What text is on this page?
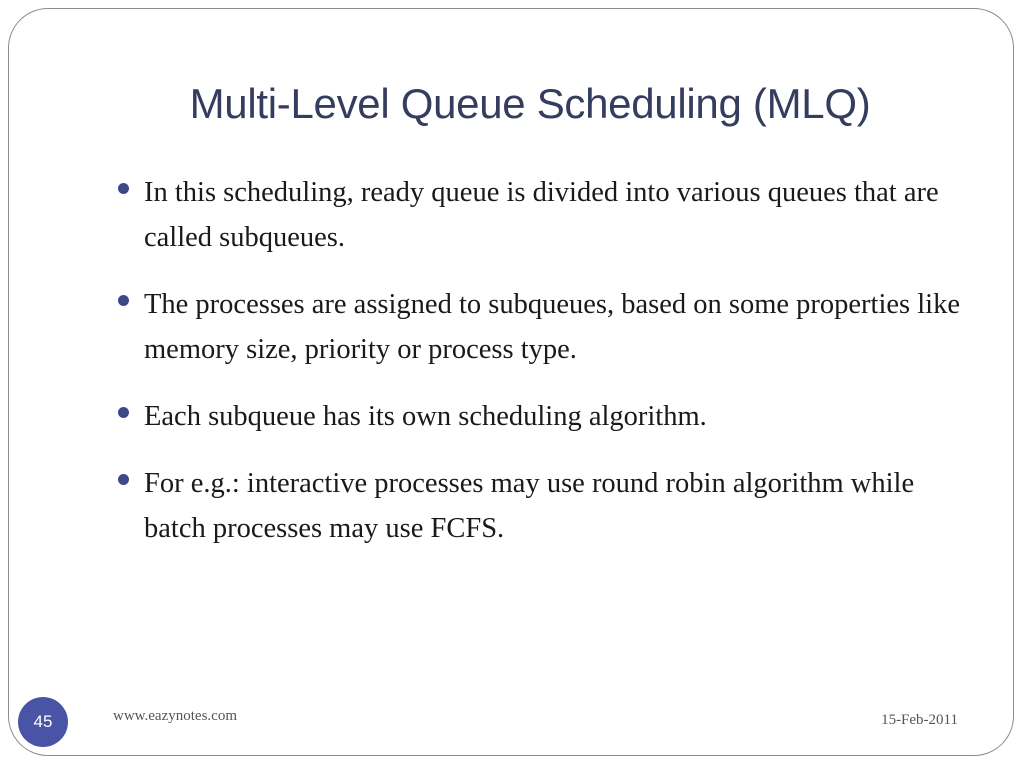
Multi-Level Queue Scheduling (MLQ)
In this scheduling, ready queue is divided into various queues that are called subqueues.
The processes are assigned to subqueues, based on some properties like memory size, priority or process type.
Each subqueue has its own scheduling algorithm.
For e.g.: interactive processes may use round robin algorithm while batch processes may use FCFS.
45	www.eazynotes.com	15-Feb-2011
